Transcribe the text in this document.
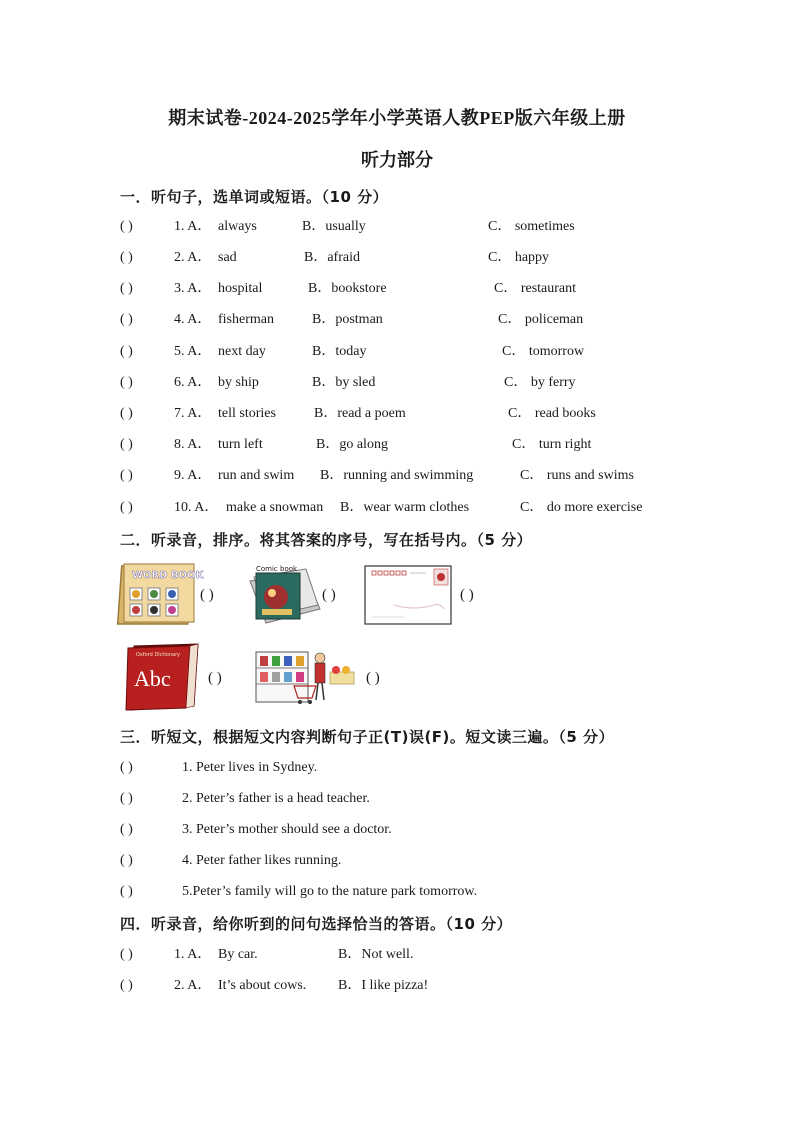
期末试卷-2024-2025学年小学英语人教PEP版六年级上册
听力部分
一．听句子，选单词或短语。（10 分）
( )	1. A． always	B．usually	C． sometimes
( )	2. A． sad	B．afraid	C． happy
( )	3. A． hospital	B．bookstore	C． restaurant
( )	4. A． fisherman	B．postman	C． policeman
( )	5. A． next day	B．today	C． tomorrow
( )	6. A． by ship	B．by sled	C． by ferry
( )	7. A． tell stories	B．read a poem	C． read books
( )	8. A． turn left	B．go along	C． turn right
( )	9. A． run and swim B．running and swimming	C． runs and swims
( )	10. A． make a snowman B．wear warm clothes	C． do more exercise
二．听录音，排序。将其答案的序号，写在括号内。（5 分）
WORD BOOK
( )
Comic book
( )	( )
Oxford Dictionary
Abc ( )	( )
三．听短文，根据短文内容判断句子正(T)误(F)。短文读三遍。（5 分）
( )	1. Peter lives in Sydney.
( )	2. Peter’s father is a head teacher.
( )	3. Peter’s mother should see a doctor.
( )	4. Peter father likes running.
( )	5.Peter’s family will go to the nature park tomorrow.
四．听录音，给你听到的问句选择恰当的答语。（10 分）
( )	1. A． By car.	B．Not well.
( )	2. A． It’s about cows. B．I like pizza!
